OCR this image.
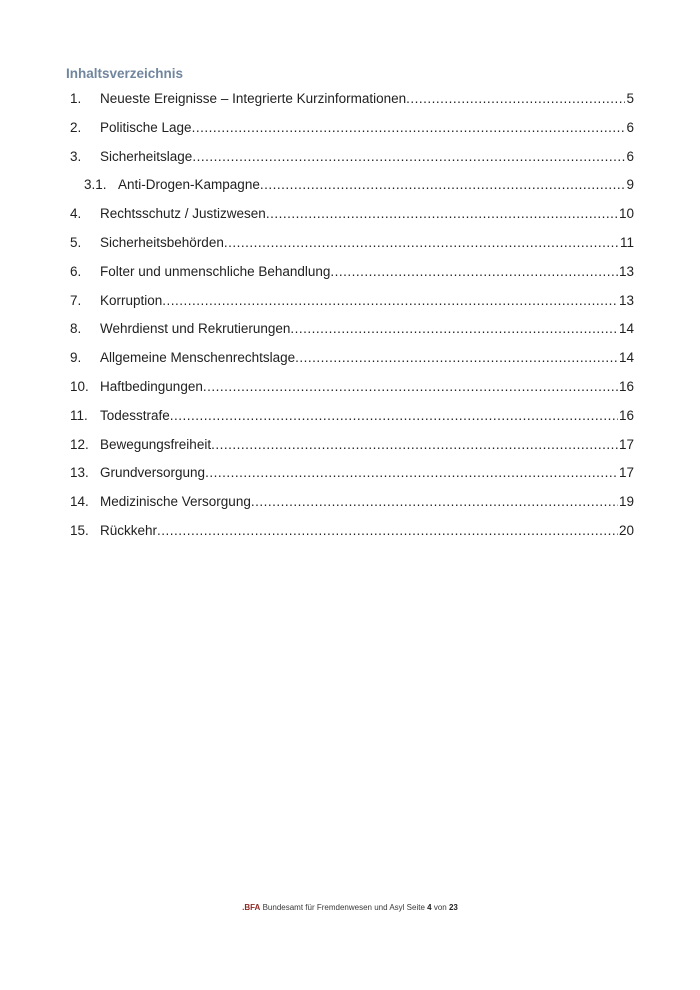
Inhaltsverzeichnis
1.	Neueste Ereignisse – Integrierte Kurzinformationen .....	5
2.	Politische Lage .....	6
3.	Sicherheitslage .....	6
3.1. Anti-Drogen-Kampagne .....	9
4.	Rechtsschutz / Justizwesen .....	10
5.	Sicherheitsbehörden .....	11
6.	Folter und unmenschliche Behandlung .....	13
7.	Korruption .....	13
8.	Wehrdienst und Rekrutierungen .....	14
9.	Allgemeine Menschenrechtslage .....	14
10. Haftbedingungen .....	16
11. Todesstrafe .....	16
12. Bewegungsfreiheit .....	17
13. Grundversorgung .....	17
14. Medizinische Versorgung .....	19
15. Rückkehr .....	20
.BFA Bundesamt für Fremdenwesen und Asyl Seite 4 von 23
